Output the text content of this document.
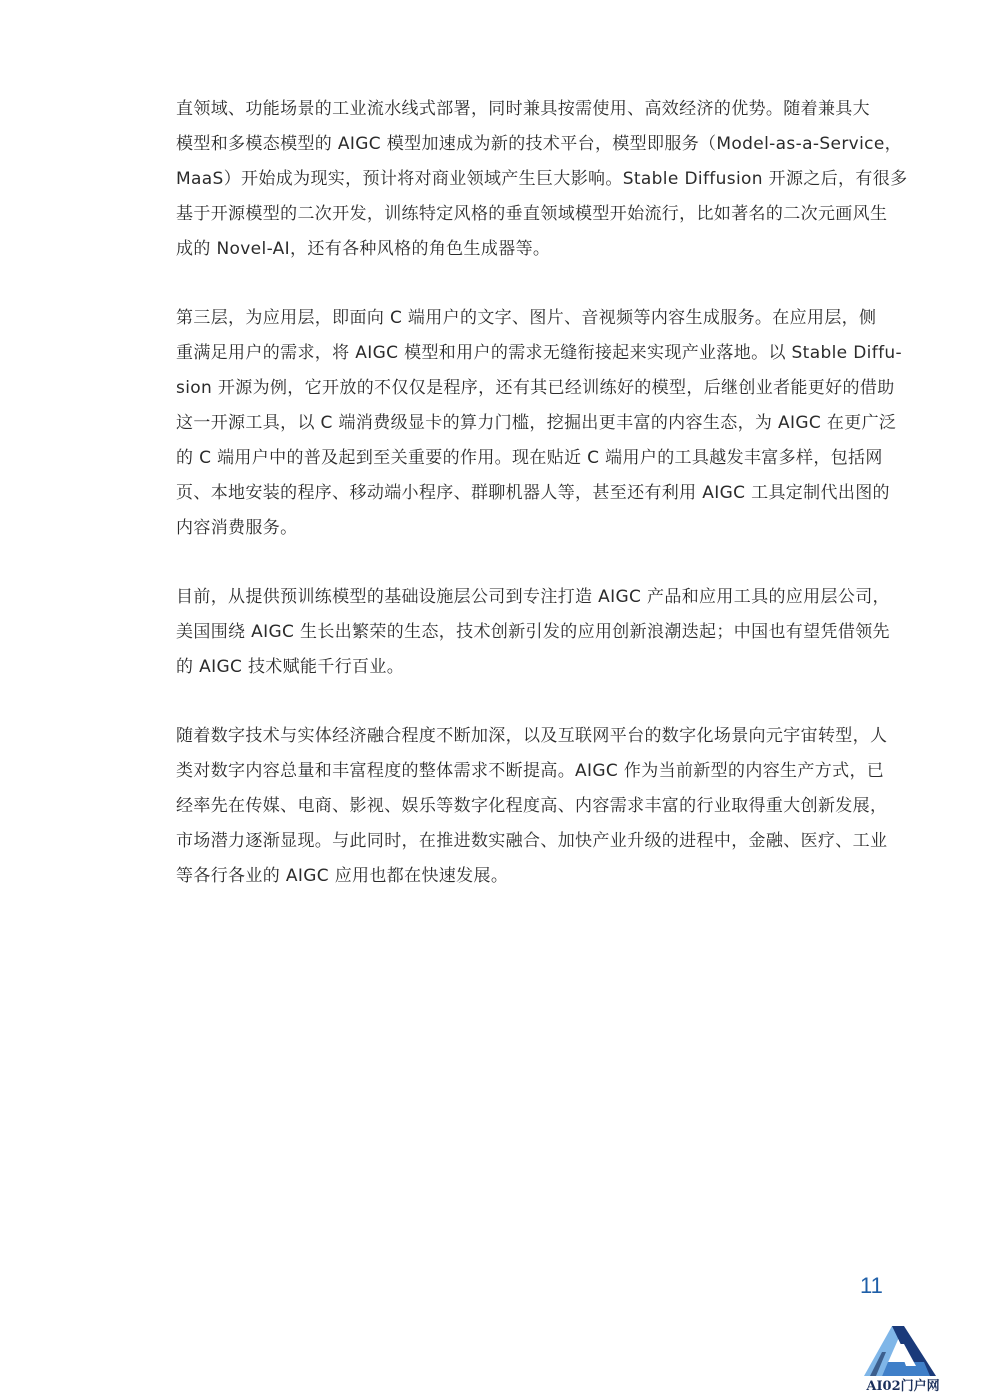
直领域、功能场景的工业流水线式部署，同时兼具按需使用、高效经济的优势。随着兼具大
模型和多模态模型的 AIGC 模型加速成为新的技术平台，模型即服务（Model-as-a-Service，
MaaS）开始成为现实，预计将对商业领域产生巨大影响。Stable Diffusion 开源之后，有很多
基于开源模型的二次开发，训练特定风格的垂直领域模型开始流行，比如著名的二次元画风生
成的 Novel-AI，还有各种风格的角色生成器等。
第三层，为应用层，即面向 C 端用户的文字、图片、音视频等内容生成服务。在应用层，侧
重满足用户的需求，将 AIGC 模型和用户的需求无缝衔接起来实现产业落地。以 Stable Diffu-
sion 开源为例，它开放的不仅仅是程序，还有其已经训练好的模型，后继创业者能更好的借助
这一开源工具，以 C 端消费级显卡的算力门槛，挖掘出更丰富的内容生态，为 AIGC 在更广泛
的 C 端用户中的普及起到至关重要的作用。现在贴近 C 端用户的工具越发丰富多样，包括网
页、本地安装的程序、移动端小程序、群聊机器人等，甚至还有利用 AIGC 工具定制代出图的
内容消费服务。
目前，从提供预训练模型的基础设施层公司到专注打造 AIGC 产品和应用工具的应用层公司，
美国围绕 AIGC 生长出繁荣的生态，技术创新引发的应用创新浪潮迭起；中国也有望凭借领先
的 AIGC 技术赋能千行百业。
随着数字技术与实体经济融合程度不断加深，以及互联网平台的数字化场景向元宇宙转型，人
类对数字内容总量和丰富程度的整体需求不断提高。AIGC 作为当前新型的内容生产方式，已
经率先在传媒、电商、影视、娱乐等数字化程度高、内容需求丰富的行业取得重大创新发展，
市场潜力逐渐显现。与此同时，在推进数实融合、加快产业升级的进程中，金融、医疗、工业
等各行各业的 AIGC 应用也都在快速发展。
11
AI02门户网
